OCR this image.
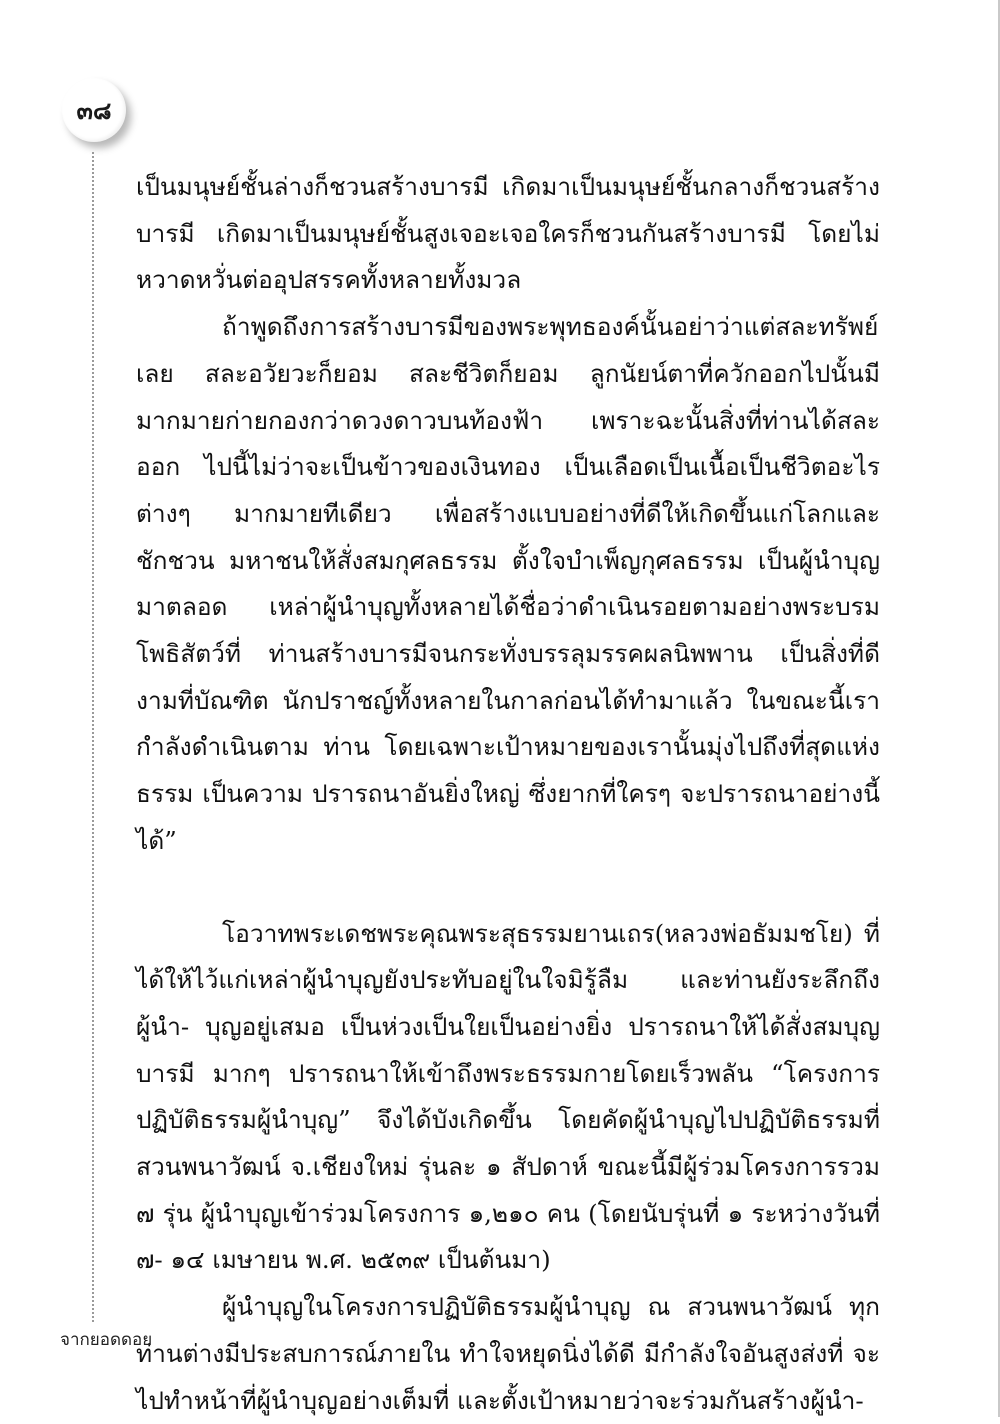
๓๘

เป็นมนุษย์ชั้นล่างก็ชวนสร้างบารมี เกิดมาเป็นมนุษย์ชั้นกลางก็ชวนสร้าง บารมี เกิดมาเป็นมนุษย์ชั้นสูงเจอะเจอใครก็ชวนกันสร้างบารมี โดยไม่ หวาดหวั่นต่ออุปสรรคทั้งหลายทั้งมวล

ถ้าพูดถึงการสร้างบารมีของพระพุทธองค์นั้นอย่าว่าแต่สละทรัพย์เลย สละอวัยวะก็ยอม สละชีวิตก็ยอม ลูกนัยน์ตาที่ควักออกไปนั้นมี มากมายก่ายกองกว่าดวงดาวบนท้องฟ้า เพราะฉะนั้นสิ่งที่ท่านได้สละออก ไปนี้ไม่ว่าจะเป็นข้าวของเงินทอง เป็นเลือดเป็นเนื้อเป็นชีวิตอะไรต่างๆ มากมายทีเดียว เพื่อสร้างแบบอย่างที่ดีให้เกิดขึ้นแก่โลกและชักชวน มหาชนให้สั่งสมกุศลธรรม ตั้งใจบำเพ็ญกุศลธรรม เป็นผู้นำบุญมาตลอด เหล่าผู้นำบุญทั้งหลายได้ชื่อว่าดำเนินรอยตามอย่างพระบรมโพธิสัตว์ที่ ท่านสร้างบารมีจนกระทั่งบรรลุมรรคผลนิพพาน เป็นสิ่งที่ดีงามที่บัณฑิต นักปราชญ์ทั้งหลายในกาลก่อนได้ทำมาแล้ว ในขณะนี้เรากำลังดำเนินตาม ท่าน โดยเฉพาะเป้าหมายของเรานั้นมุ่งไปถึงที่สุดแห่งธรรม เป็นความ ปรารถนาอันยิ่งใหญ่ ซึ่งยากที่ใครๆ จะปรารถนาอย่างนี้ได้”

โอวาทพระเดชพระคุณพระสุธรรมยานเถร(หลวงพ่อธัมมชโย) ที่ ได้ให้ไว้แก่เหล่าผู้นำบุญยังประทับอยู่ในใจมิรู้ลืม และท่านยังระลึกถึงผู้นำ- บุญอยู่เสมอ เป็นห่วงเป็นใยเป็นอย่างยิ่ง ปรารถนาให้ได้สั่งสมบุญบารมี มากๆ ปรารถนาให้เข้าถึงพระธรรมกายโดยเร็วพลัน “โครงการ ปฏิบัติธรรมผู้นำบุญ” จึงได้บังเกิดขึ้น โดยคัดผู้นำบุญไปปฏิบัติธรรมที่ สวนพนาวัฒน์ จ.เชียงใหม่ รุ่นละ ๑ สัปดาห์ ขณะนี้มีผู้ร่วมโครงการรวม ๗ รุ่น ผู้นำบุญเข้าร่วมโครงการ ๑,๒๑๐ คน (โดยนับรุ่นที่ ๑ ระหว่างวันที่ ๗- ๑๔ เมษายน พ.ศ. ๒๕๓๙ เป็นต้นมา)

ผู้นำบุญในโครงการปฏิบัติธรรมผู้นำบุญ ณ สวนพนาวัฒน์ ทุกท่านต่างมีประสบการณ์ภายใน ทำใจหยุดนิ่งได้ดี มีกำลังใจอันสูงส่งที่ จะไปทำหน้าที่ผู้นำบุญอย่างเต็มที่ และตั้งเป้าหมายว่าจะร่วมกันสร้างผู้นำ-

จากยอดดอย
